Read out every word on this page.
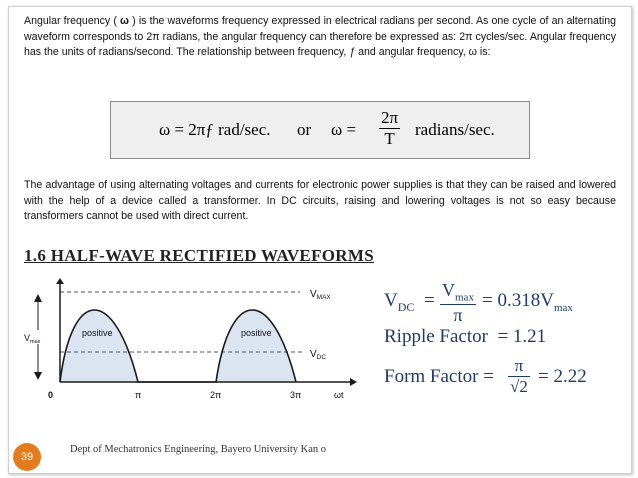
Angular frequency ( ω ) is the waveforms frequency expressed in electrical radians per second. As one cycle of an alternating waveform corresponds to 2π radians, the angular frequency can therefore be expressed as: 2π cycles/sec. Angular frequency has the units of radians/second. The relationship between frequency, ƒ and angular frequency, ω is:

ω = 2πƒ rad/sec. or $\omega = \frac{2\pi}{T}$ radians/sec.

The advantage of using alternating voltages and currents for electronic power supplies is that they can be raised and lowered with the help of a device called a transformer. In DC circuits, raising and lowering voltages is not so easy because transformers cannot be used with direct current.

1.6 HALF-WAVE RECTIFIED WAVEFORMS
$V_{max}$
positive	positive
$V_{MAX}$
$V_{DC}$
0	π	2π	3π	ωt
$V_{DC} = V_{max}$
π
= $0.318V_{max}$
Ripple Factor  = 1.21
Form Factor = $\frac{\pi}{√2} = 2.22$
39

Dept of Mechatronics Engineering, Bayero University Kan o
